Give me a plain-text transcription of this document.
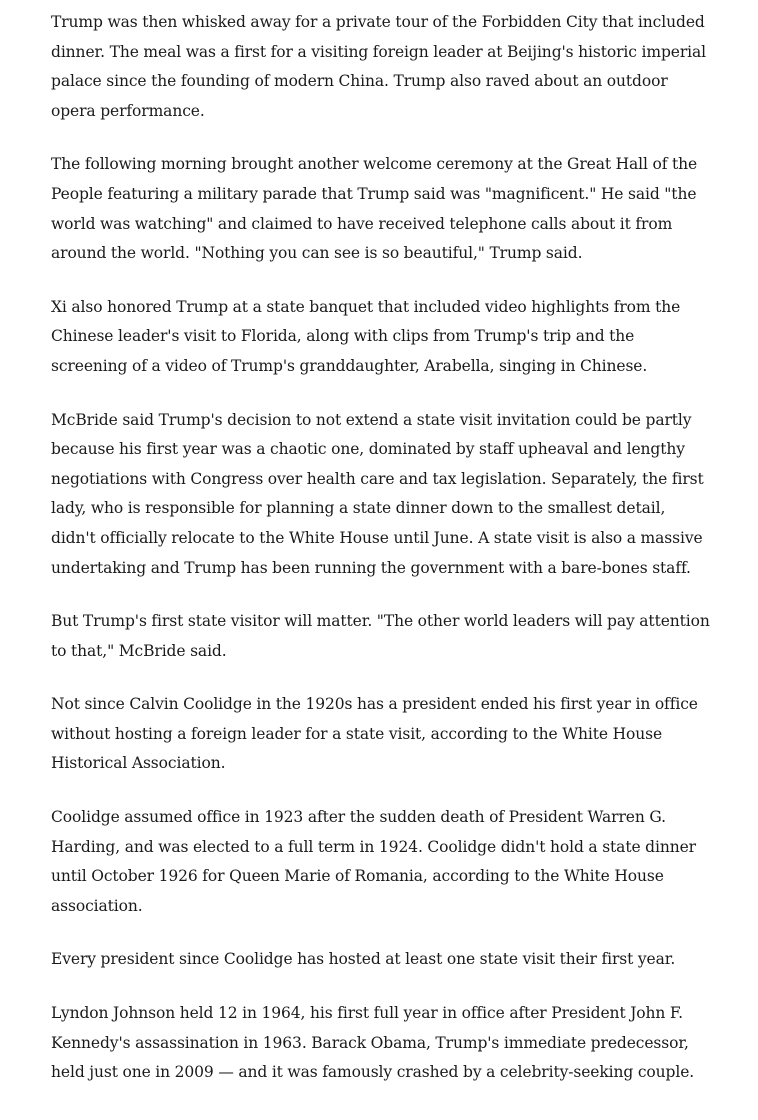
Trump was then whisked away for a private tour of the Forbidden City that included dinner. The meal was a first for a visiting foreign leader at Beijing's historic imperial palace since the founding of modern China. Trump also raved about an outdoor opera performance.

The following morning brought another welcome ceremony at the Great Hall of the People featuring a military parade that Trump said was "magnificent." He said "the world was watching" and claimed to have received telephone calls about it from around the world. "Nothing you can see is so beautiful," Trump said.

Xi also honored Trump at a state banquet that included video highlights from the Chinese leader's visit to Florida, along with clips from Trump's trip and the screening of a video of Trump's granddaughter, Arabella, singing in Chinese.

McBride said Trump's decision to not extend a state visit invitation could be partly because his first year was a chaotic one, dominated by staff upheaval and lengthy negotiations with Congress over health care and tax legislation. Separately, the first lady, who is responsible for planning a state dinner down to the smallest detail, didn't officially relocate to the White House until June. A state visit is also a massive undertaking and Trump has been running the government with a bare-bones staff.

But Trump's first state visitor will matter. "The other world leaders will pay attention to that," McBride said.

Not since Calvin Coolidge in the 1920s has a president ended his first year in office without hosting a foreign leader for a state visit, according to the White House Historical Association.

Coolidge assumed office in 1923 after the sudden death of President Warren G. Harding, and was elected to a full term in 1924. Coolidge didn't hold a state dinner until October 1926 for Queen Marie of Romania, according to the White House association.

Every president since Coolidge has hosted at least one state visit their first year.

Lyndon Johnson held 12 in 1964, his first full year in office after President John F. Kennedy's assassination in 1963. Barack Obama, Trump's immediate predecessor, held just one in 2009 — and it was famously crashed by a celebrity-seeking couple.
